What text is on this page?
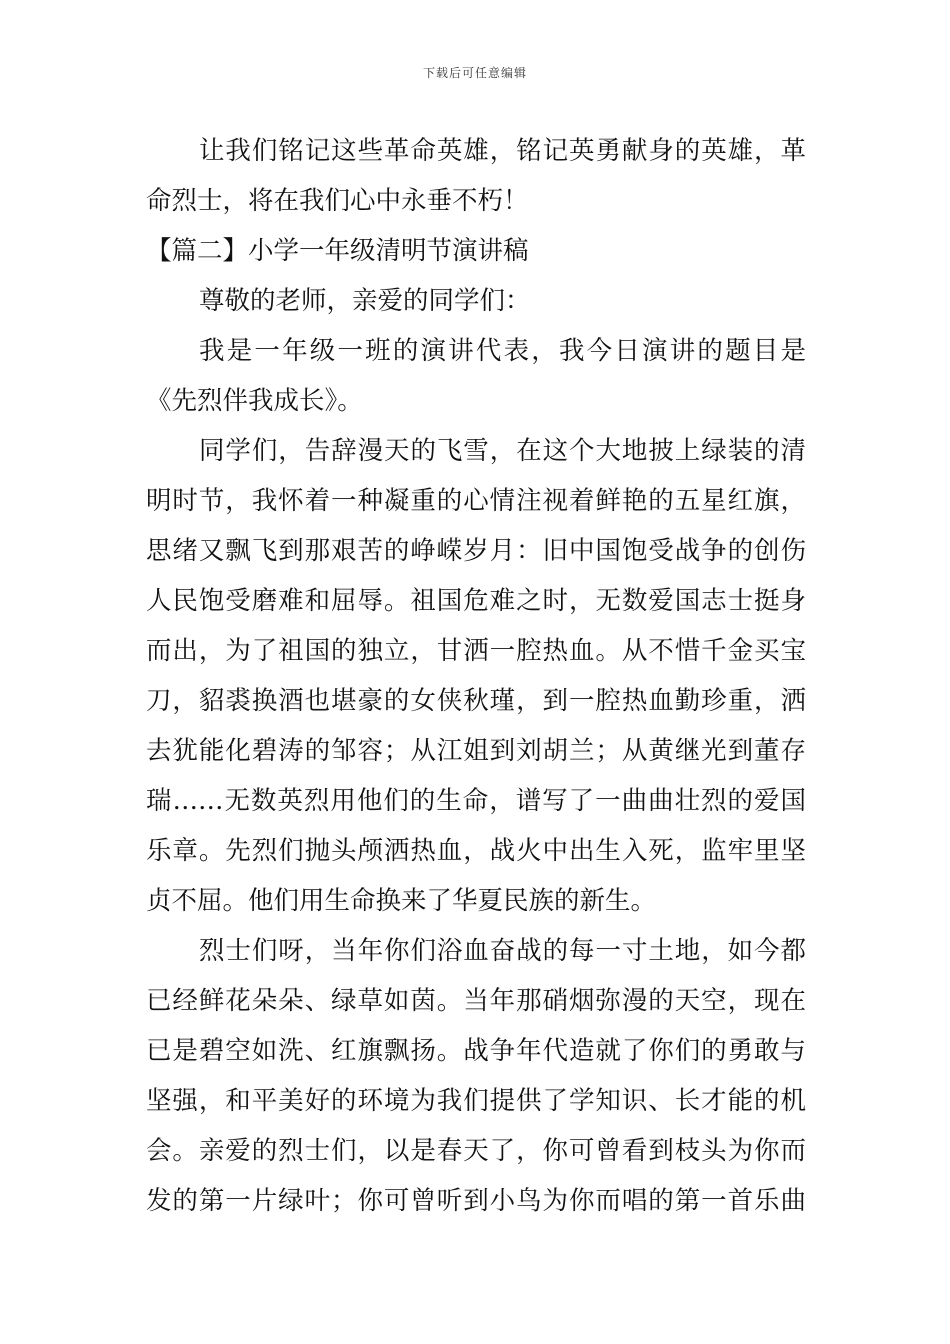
下载后可任意编辑
让我们铭记这些革命英雄，铭记英勇献身的英雄，革
命烈士，将在我们心中永垂不朽！
【篇二】小学一年级清明节演讲稿
尊敬的老师，亲爱的同学们：
我是一年级一班的演讲代表，我今日演讲的题目是
《先烈伴我成长》。
同学们，告辞漫天的飞雪，在这个大地披上绿装的清
明时节，我怀着一种凝重的心情注视着鲜艳的五星红旗，
思绪又飘飞到那艰苦的峥嵘岁月：旧中国饱受战争的创伤
人民饱受磨难和屈辱。祖国危难之时，无数爱国志士挺身
而出，为了祖国的独立，甘洒一腔热血。从不惜千金买宝
刀，貂裘换酒也堪豪的女侠秋瑾，到一腔热血勤珍重，洒
去犹能化碧涛的邹容；从江姐到刘胡兰；从黄继光到董存
瑞……无数英烈用他们的生命，谱写了一曲曲壮烈的爱国
乐章。先烈们抛头颅洒热血，战火中出生入死，监牢里坚
贞不屈。他们用生命换来了华夏民族的新生。
烈士们呀，当年你们浴血奋战的每一寸土地，如今都
已经鲜花朵朵、绿草如茵。当年那硝烟弥漫的天空，现在
已是碧空如洗、红旗飘扬。战争年代造就了你们的勇敢与
坚强，和平美好的环境为我们提供了学知识、长才能的机
会。亲爱的烈士们，以是春天了，你可曾看到枝头为你而
发的第一片绿叶；你可曾听到小鸟为你而唱的第一首乐曲
